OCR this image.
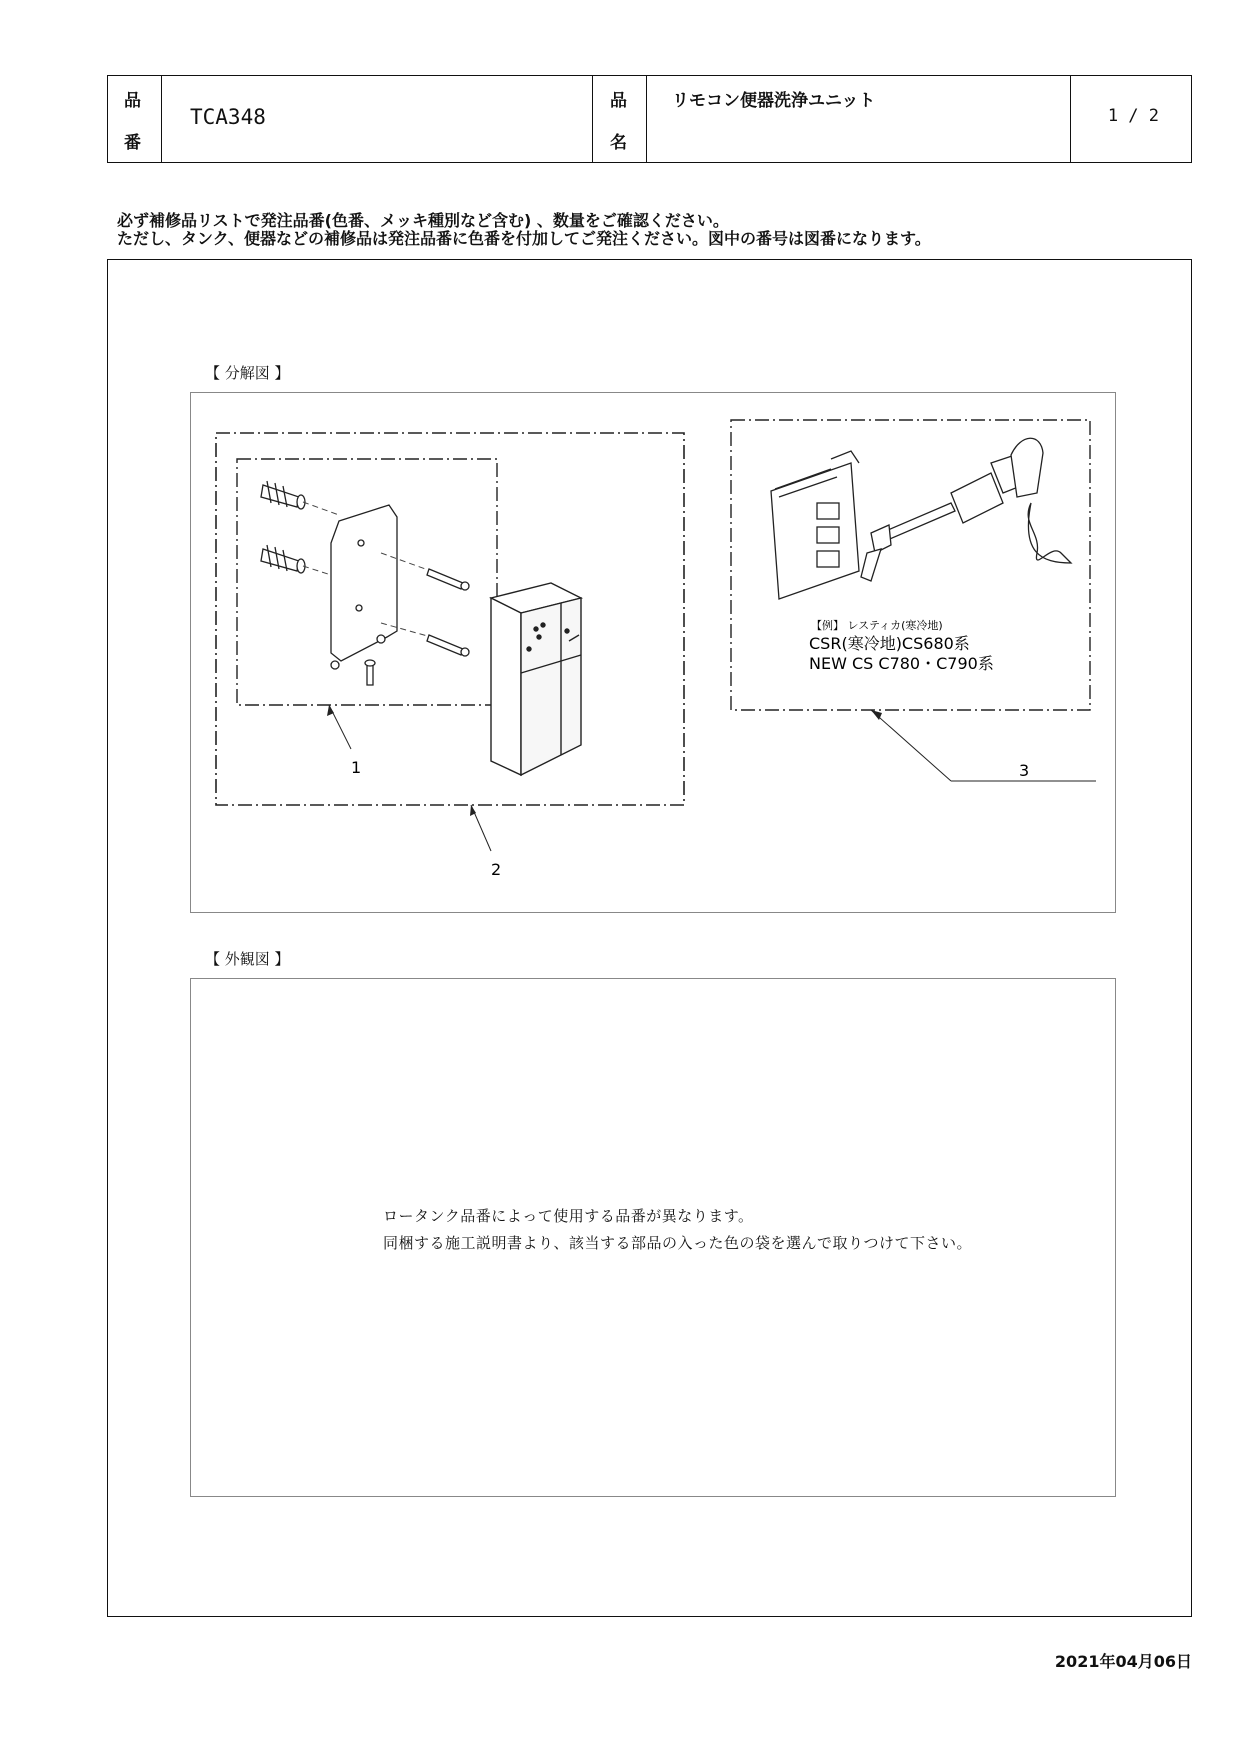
品
番
TCA348
品
名
リモコン便器洗浄ユニット
1 / 2
必ず補修品リストで発注品番(色番、メッキ種別など含む) 、数量をご確認ください。
ただし、タンク、便器などの補修品は発注品番に色番を付加してご発注ください。図中の番号は図番になります。
【 分解図 】
【例】 レスティカ(寒冷地)
CSR(寒冷地)CS680系
NEW CS C780・C790系
1
2
3
【 外観図 】
ロータンク品番によって使用する品番が異なります。
同梱する施工説明書より、該当する部品の入った色の袋を選んで取りつけて下さい。
2021年04月06日
